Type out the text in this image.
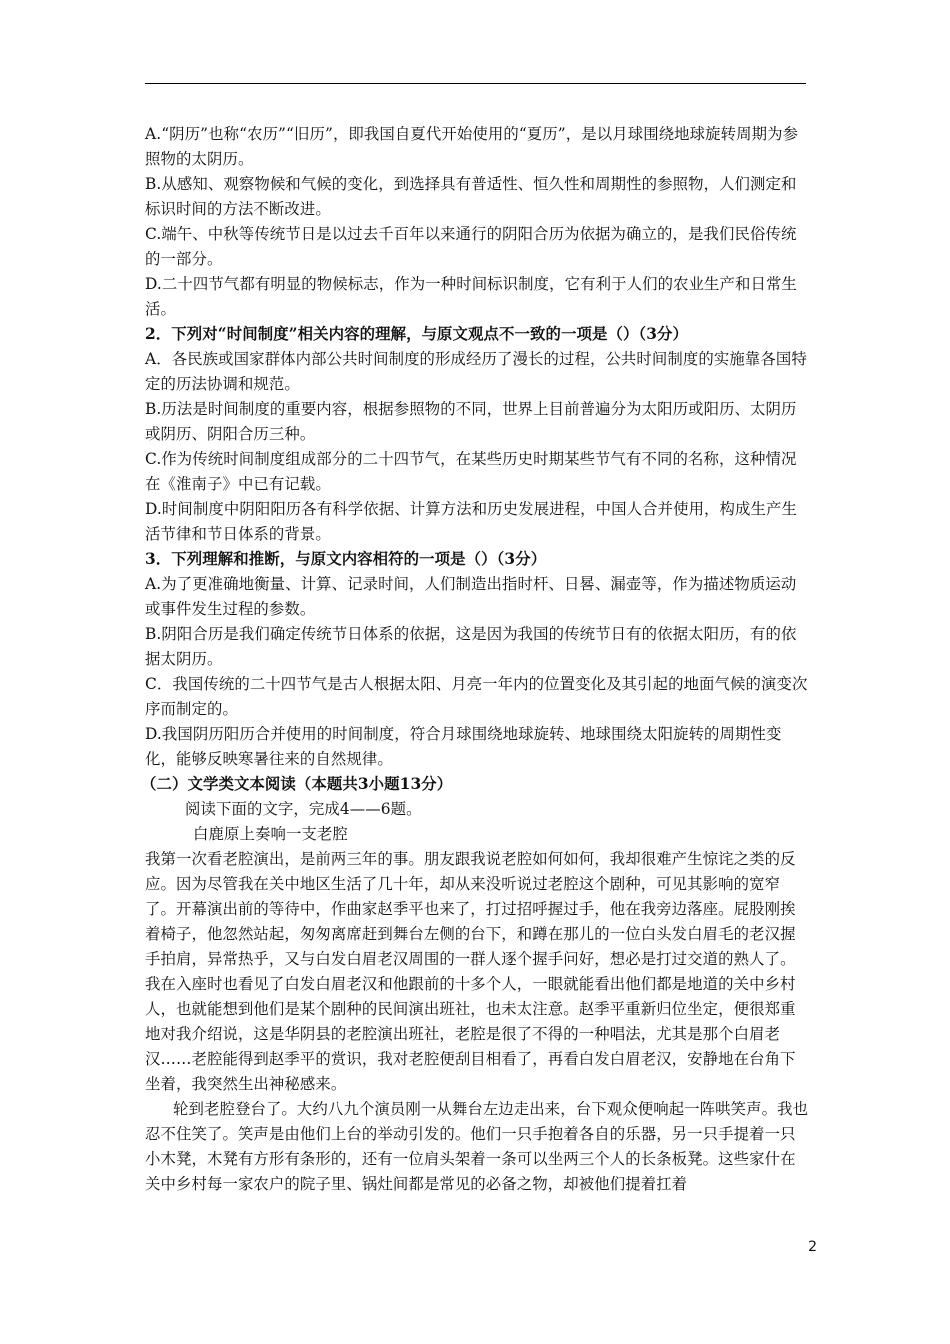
A.“阴历”也称“农历”“旧历”，即我国自夏代开始使用的“夏历”，是以月球围绕地球旋转周期为参照物的太阴历。

B.从感知、观察物候和气候的变化，到选择具有普适性、恒久性和周期性的参照物，人们测定和标识时间的方法不断改进。

C.端午、中秋等传统节日是以过去千百年以来通行的阴阳合历为依据为确立的，是我们民俗传统的一部分。

D.二十四节气都有明显的物候标志，作为一种时间标识制度，它有利于人们的农业生产和日常生活。

2．下列对“时间制度”相关内容的理解，与原文观点不一致的一项是（）（3分）

A．各民族或国家群体内部公共时间制度的形成经历了漫长的过程，公共时间制度的实施靠各国特定的历法协调和规范。

B.历法是时间制度的重要内容，根据参照物的不同，世界上目前普遍分为太阳历或阳历、太阴历或阴历、阴阳合历三种。

C.作为传统时间制度组成部分的二十四节气，在某些历史时期某些节气有不同的名称，这种情况在《淮南子》中已有记载。

D.时间制度中阴阳阳历各有科学依据、计算方法和历史发展进程，中国人合并使用，构成生产生活节律和节日体系的背景。

3．下列理解和推断，与原文内容相符的一项是（）（3分）

A.为了更准确地衡量、计算、记录时间，人们制造出指时杆、日晷、漏壶等，作为描述物质运动或事件发生过程的参数。

B.阴阳合历是我们确定传统节日体系的依据，这是因为我国的传统节日有的依据太阳历，有的依据太阴历。

C．我国传统的二十四节气是古人根据太阳、月亮一年内的位置变化及其引起的地面气候的演变次序而制定的。

D.我国阴历阳历合并使用的时间制度，符合月球围绕地球旋转、地球围绕太阳旋转的周期性变化，能够反映寒暑往来的自然规律。

（二）文学类文本阅读（本题共3小题13分）

阅读下面的文字，完成4——6题。

白鹿原上奏响一支老腔

我第一次看老腔演出，是前两三年的事。朋友跟我说老腔如何如何，我却很难产生惊诧之类的反应。因为尽管我在关中地区生活了几十年，却从来没听说过老腔这个剧种，可见其影响的宽窄了。开幕演出前的等待中，作曲家赵季平也来了，打过招呼握过手，他在我旁边落座。屁股刚挨着椅子，他忽然站起，匆匆离席赶到舞台左侧的台下，和蹲在那儿的一位白头发白眉毛的老汉握手拍肩，异常热乎，又与白发白眉老汉周围的一群人逐个握手问好，想必是打过交道的熟人了。我在入座时也看见了白发白眉老汉和他跟前的十多个人，一眼就能看出他们都是地道的关中乡村人，也就能想到他们是某个剧种的民间演出班社，也未太注意。赵季平重新归位坐定，便很郑重地对我介绍说，这是华阴县的老腔演出班社，老腔是很了不得的一种唱法，尤其是那个白眉老汉……老腔能得到赵季平的赏识，我对老腔便刮目相看了，再看白发白眉老汉，安静地在台角下坐着，我突然生出神秘感来。

轮到老腔登台了。大约八九个演员刚一从舞台左边走出来，台下观众便响起一阵哄笑声。我也忍不住笑了。笑声是由他们上台的举动引发的。他们一只手抱着各自的乐器，另一只手提着一只小木凳，木凳有方形有条形的，还有一位肩头架着一条可以坐两三个人的长条板凳。这些家什在关中乡村每一家农户的院子里、锅灶间都是常见的必备之物，却被他们提着扛着

2
